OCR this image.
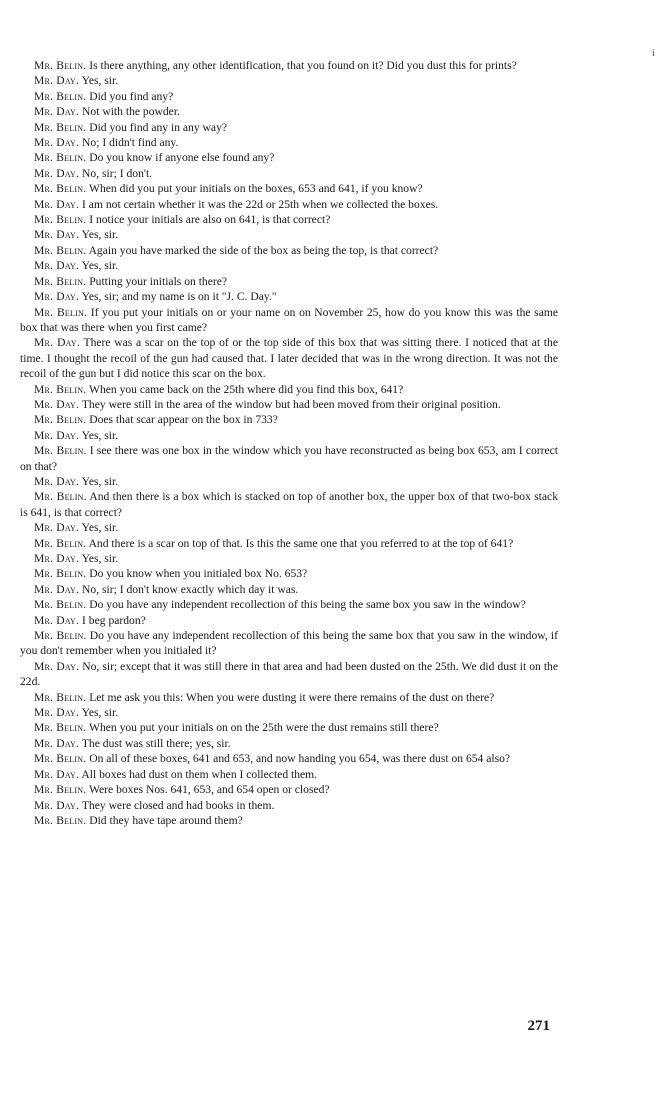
Mr. Belin. Is there anything, any other identification, that you found on it? Did you dust this for prints?

Mr. Day. Yes, sir.

Mr. Belin. Did you find any?

Mr. Day. Not with the powder.

Mr. Belin. Did you find any in any way?

Mr. Day. No; I didn't find any.

Mr. Belin. Do you know if anyone else found any?

Mr. Day. No, sir; I don't.

Mr. Belin. When did you put your initials on the boxes, 653 and 641, if you know?

Mr. Day. I am not certain whether it was the 22d or 25th when we collected the boxes.

Mr. Belin. I notice your initials are also on 641, is that correct?

Mr. Day. Yes, sir.

Mr. Belin. Again you have marked the side of the box as being the top, is that correct?

Mr. Day. Yes, sir.

Mr. Belin. Putting your initials on there?

Mr. Day. Yes, sir; and my name is on it "J. C. Day."

Mr. Belin. If you put your initials on or your name on on November 25, how do you know this was the same box that was there when you first came?

Mr. Day. There was a scar on the top of or the top side of this box that was sitting there. I noticed that at the time. I thought the recoil of the gun had caused that. I later decided that was in the wrong direction. It was not the recoil of the gun but I did notice this scar on the box.

Mr. Belin. When you came back on the 25th where did you find this box, 641?

Mr. Day. They were still in the area of the window but had been moved from their original position.

Mr. Belin. Does that scar appear on the box in 733?

Mr. Day. Yes, sir.

Mr. Belin. I see there was one box in the window which you have reconstructed as being box 653, am I correct on that?

Mr. Day. Yes, sir.

Mr. Belin. And then there is a box which is stacked on top of another box, the upper box of that two-box stack is 641, is that correct?

Mr. Day. Yes, sir.

Mr. Belin. And there is a scar on top of that. Is this the same one that you referred to at the top of 641?

Mr. Day. Yes, sir.

Mr. Belin. Do you know when you initialed box No. 653?

Mr. Day. No, sir; I don't know exactly which day it was.

Mr. Belin. Do you have any independent recollection of this being the same box you saw in the window?

Mr. Day. I beg pardon?

Mr. Belin. Do you have any independent recollection of this being the same box that you saw in the window, if you don't remember when you initialed it?

Mr. Day. No, sir; except that it was still there in that area and had been dusted on the 25th. We did dust it on the 22d.

Mr. Belin. Let me ask you this: When you were dusting it were there remains of the dust on there?

Mr. Day. Yes, sir.

Mr. Belin. When you put your initials on on the 25th were the dust remains still there?

Mr. Day. The dust was still there; yes, sir.

Mr. Belin. On all of these boxes, 641 and 653, and now handing you 654, was there dust on 654 also?

Mr. Day. All boxes had dust on them when I collected them.

Mr. Belin. Were boxes Nos. 641, 653, and 654 open or closed?

Mr. Day. They were closed and had books in them.

Mr. Belin. Did they have tape around them?

271
i
